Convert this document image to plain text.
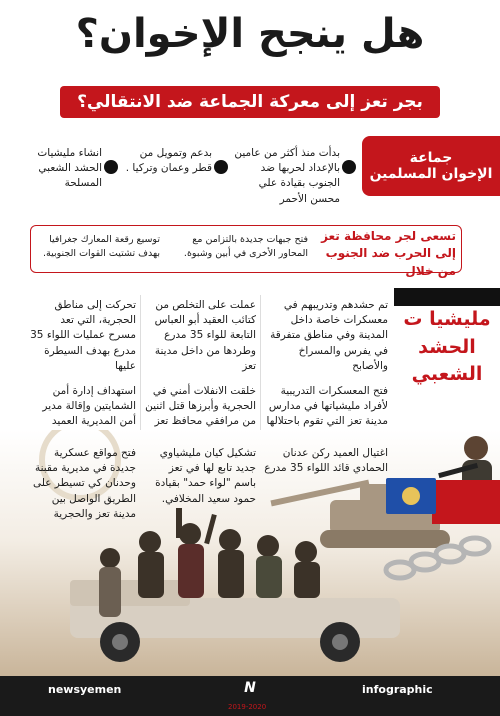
هل ينجح الإخوان؟
بجر تعز إلى معركة الجماعة ضد الانتقالي؟
جماعة
الإخوان المسلمين
بدأت منذ أكثر من عامين بالإعداد لحربها ضد الجنوب بقيادة علي محسن الأحمر
بدعم وتمويل من قطر وعمان وتركيا .
انشاء مليشيات الحشد الشعبي المسلحة
تسعى لجر محافظة تعز إلى الحرب ضد الجنوب من خلال
فتح جبهات جديدة بالتزامن مع المحاور الأخرى في أبين وشبوة.
توسيع رقعة المعارك جغرافيا بهدف تشتيت القوات الجنوبية.
مليشيا ت
الحشد
الشعبي
تم حشدهم وتدريبهم في معسكرات خاصة داخل المدينة وفي مناطق متفرقة في يفرس والمسراخ والأصابح
عملت على التخلص من كتائب العقيد أبو العباس التابعة للواء 35 مدرع وطردها من داخل مدينة تعز
تحركت إلى مناطق الحجرية، التي تعد مسرح عمليات اللواء 35 مدرع بهدف السيطرة عليها
فتح المعسكرات التدريبية لأفراد مليشياتها في مدارس مدينة تعز التي تقوم باحتلالها
خلقت الانفلات أمني في الحجرية وأبرزها قتل اثنين من مرافقي محافظ تعز
استهداف إدارة أمن الشمايتين وإقالة مدير أمن المديرية العميد
اغتيال العميد ركن عدنان الحمادي قائد اللواء 35 مدرع
تشكيل كيان مليشياوي جديد تابع لها في تعز باسم "لواء حمد" بقيادة حمود سعيد المخلافي.
فتح مواقع عسكرية جديدة في مديرية مقبنة وحدنان كي تسيطر على الطريق الواصل بين مدينة تعز والحجرية
newsyemen	infographic
N
2019-2020
